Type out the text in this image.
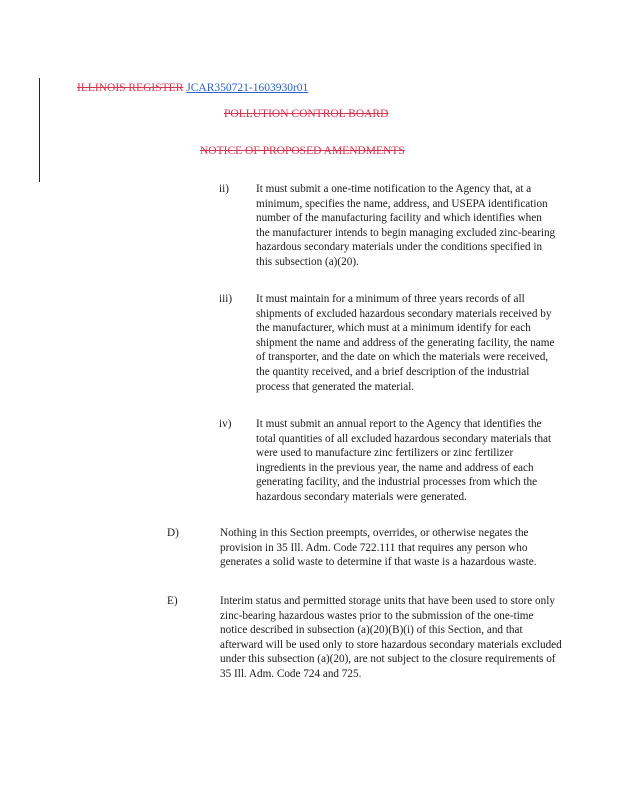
ILLINOIS REGISTER JCAR350721-1603930r01
POLLUTION CONTROL BOARD
NOTICE OF PROPOSED AMENDMENTS
ii) It must submit a one-time notification to the Agency that, at a minimum, specifies the name, address, and USEPA identification number of the manufacturing facility and which identifies when the manufacturer intends to begin managing excluded zinc-bearing hazardous secondary materials under the conditions specified in this subsection (a)(20).
iii) It must maintain for a minimum of three years records of all shipments of excluded hazardous secondary materials received by the manufacturer, which must at a minimum identify for each shipment the name and address of the generating facility, the name of transporter, and the date on which the materials were received, the quantity received, and a brief description of the industrial process that generated the material.
iv) It must submit an annual report to the Agency that identifies the total quantities of all excluded hazardous secondary materials that were used to manufacture zinc fertilizers or zinc fertilizer ingredients in the previous year, the name and address of each generating facility, and the industrial processes from which the hazardous secondary materials were generated.
D)	Nothing in this Section preempts, overrides, or otherwise negates the provision in 35 Ill. Adm. Code 722.111 that requires any person who generates a solid waste to determine if that waste is a hazardous waste.
E)	Interim status and permitted storage units that have been used to store only zinc-bearing hazardous wastes prior to the submission of the one-time notice described in subsection (a)(20)(B)(i) of this Section, and that afterward will be used only to store hazardous secondary materials excluded under this subsection (a)(20), are not subject to the closure requirements of 35 Ill. Adm. Code 724 and 725.
